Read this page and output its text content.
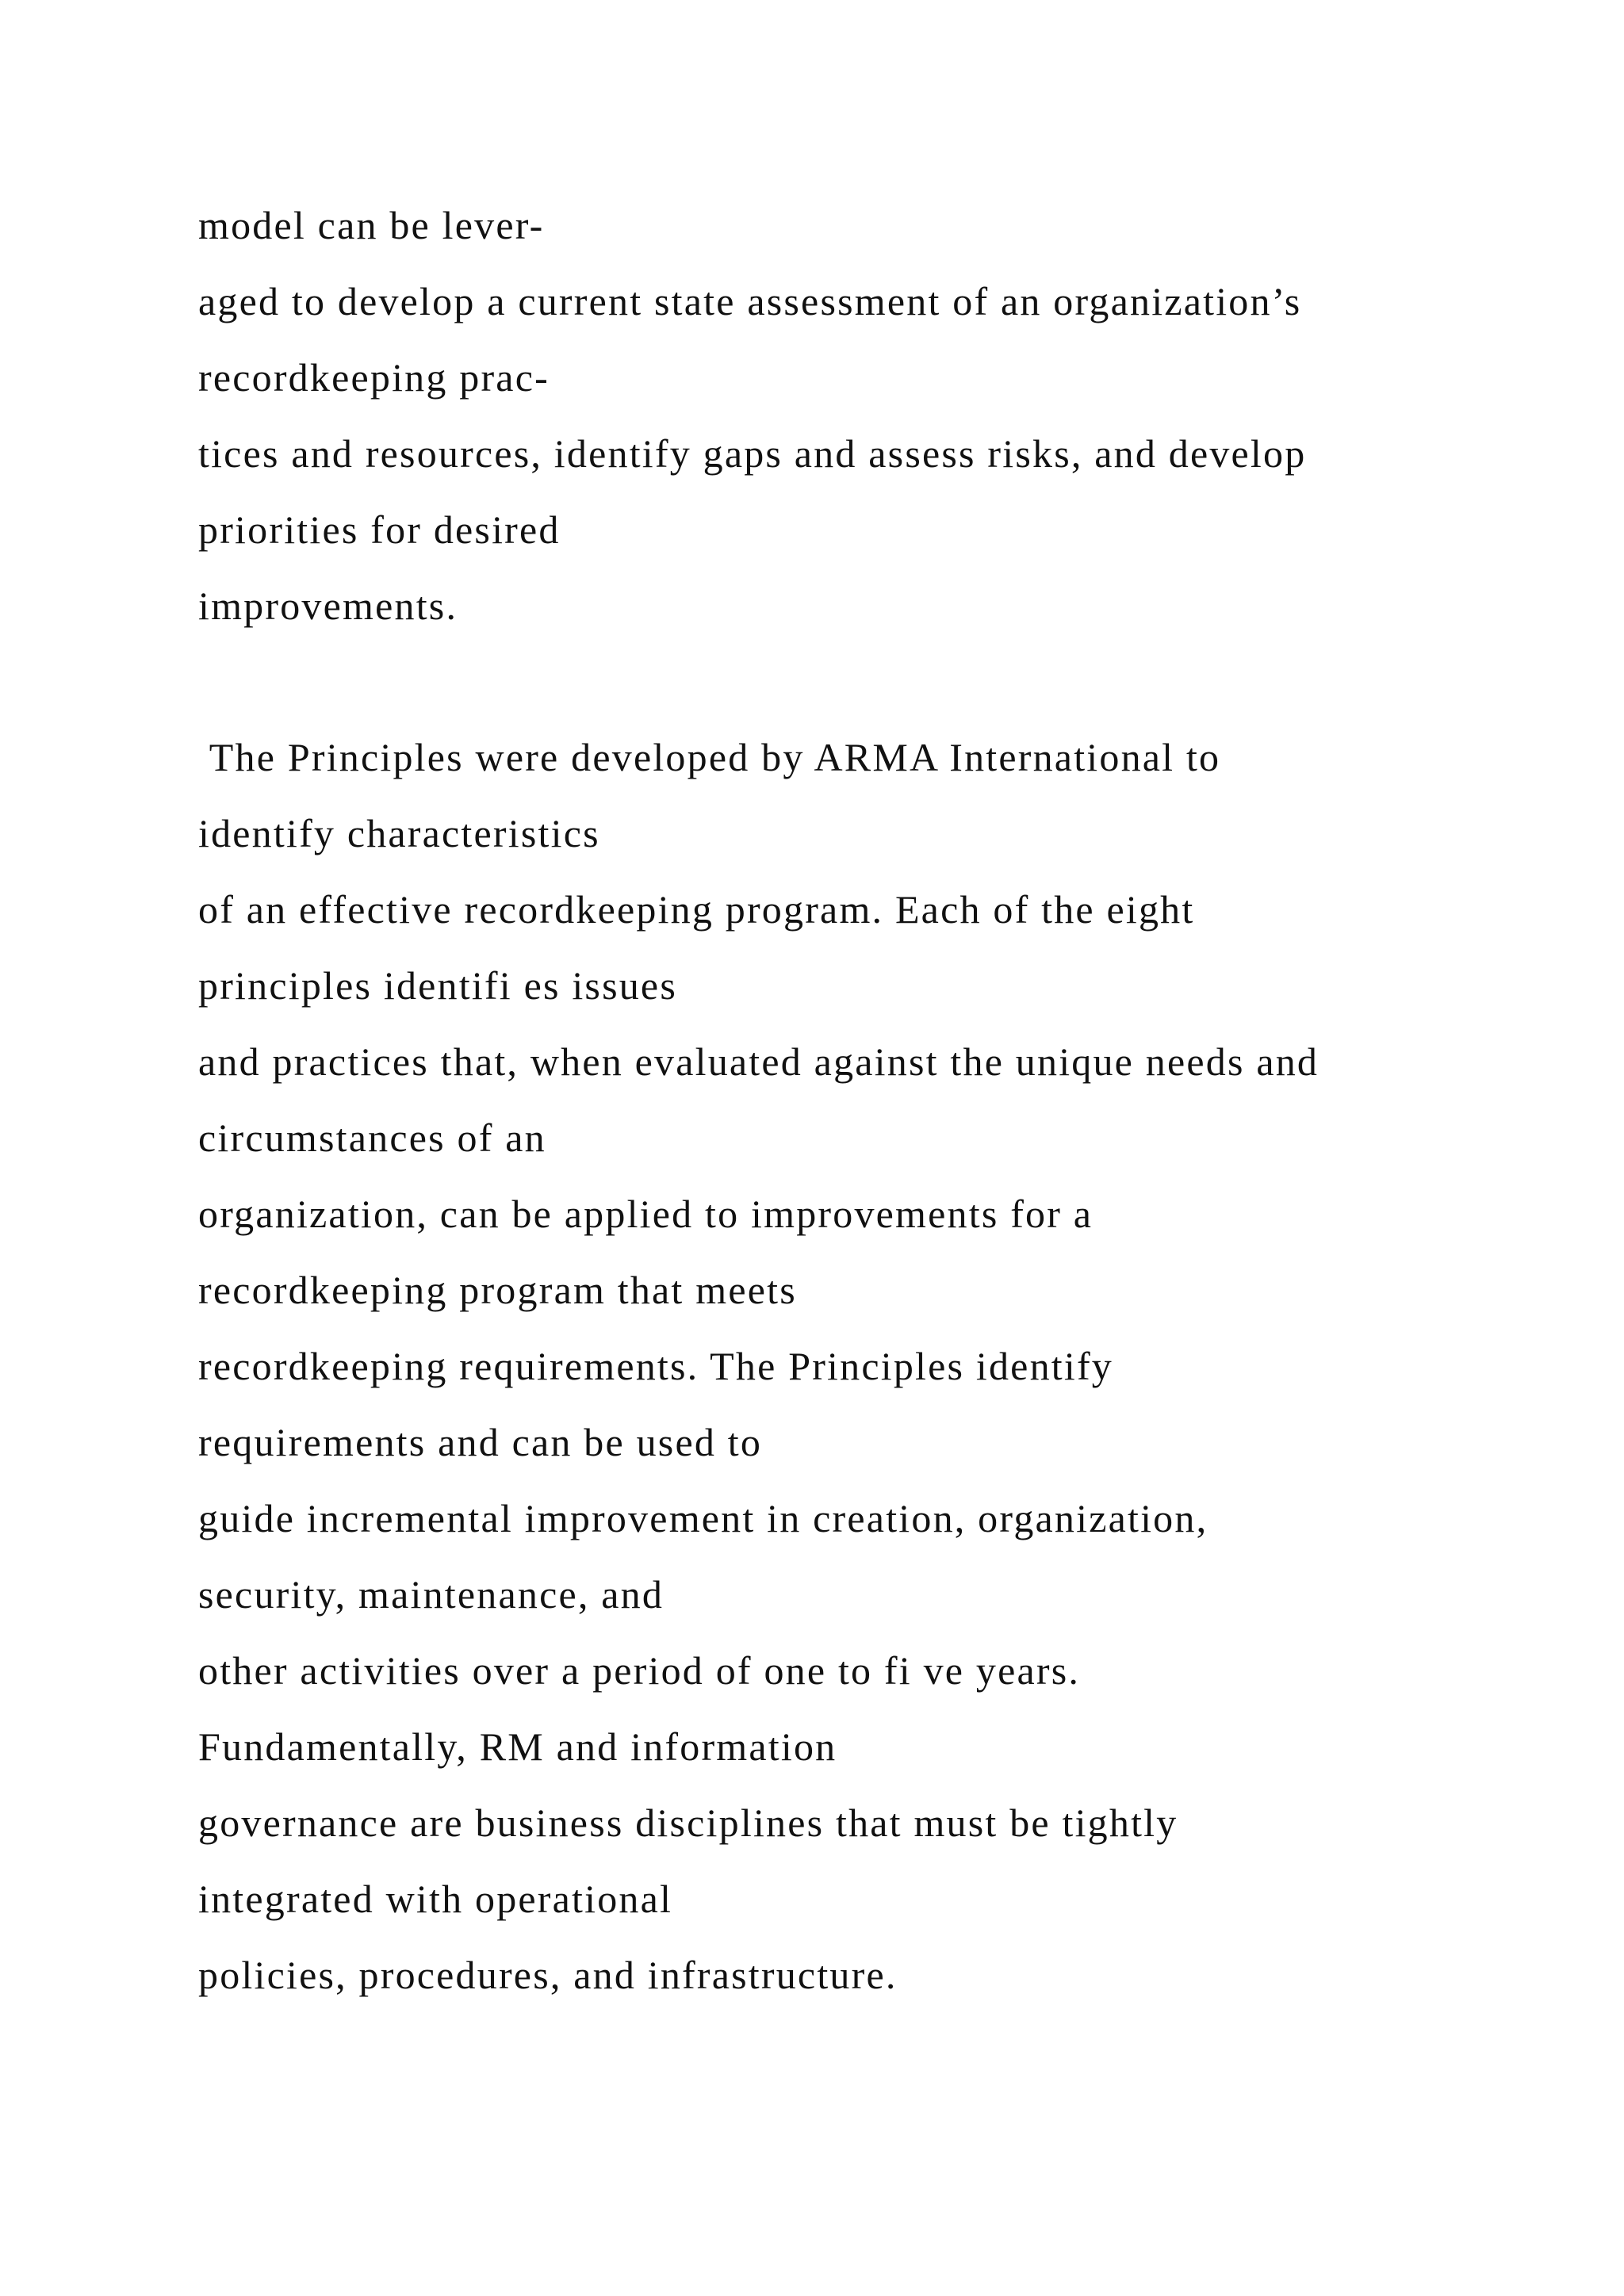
model can be lever-
aged to develop a current state assessment of an organization’s
recordkeeping prac-
tices and resources, identify gaps and assess risks, and develop
priorities for desired
improvements.
The Principles were developed by ARMA International to
identify characteristics
of an effective recordkeeping program. Each of the eight
principles identifi es issues
and practices that, when evaluated against the unique needs and
circumstances of an
organization, can be applied to improvements for a
recordkeeping program that meets
recordkeeping requirements. The Principles identify
requirements and can be used to
guide incremental improvement in creation, organization,
security, maintenance, and
other activities over a period of one to fi ve years.
Fundamentally, RM and information
governance are business disciplines that must be tightly
integrated with operational
policies, procedures, and infrastructure.
